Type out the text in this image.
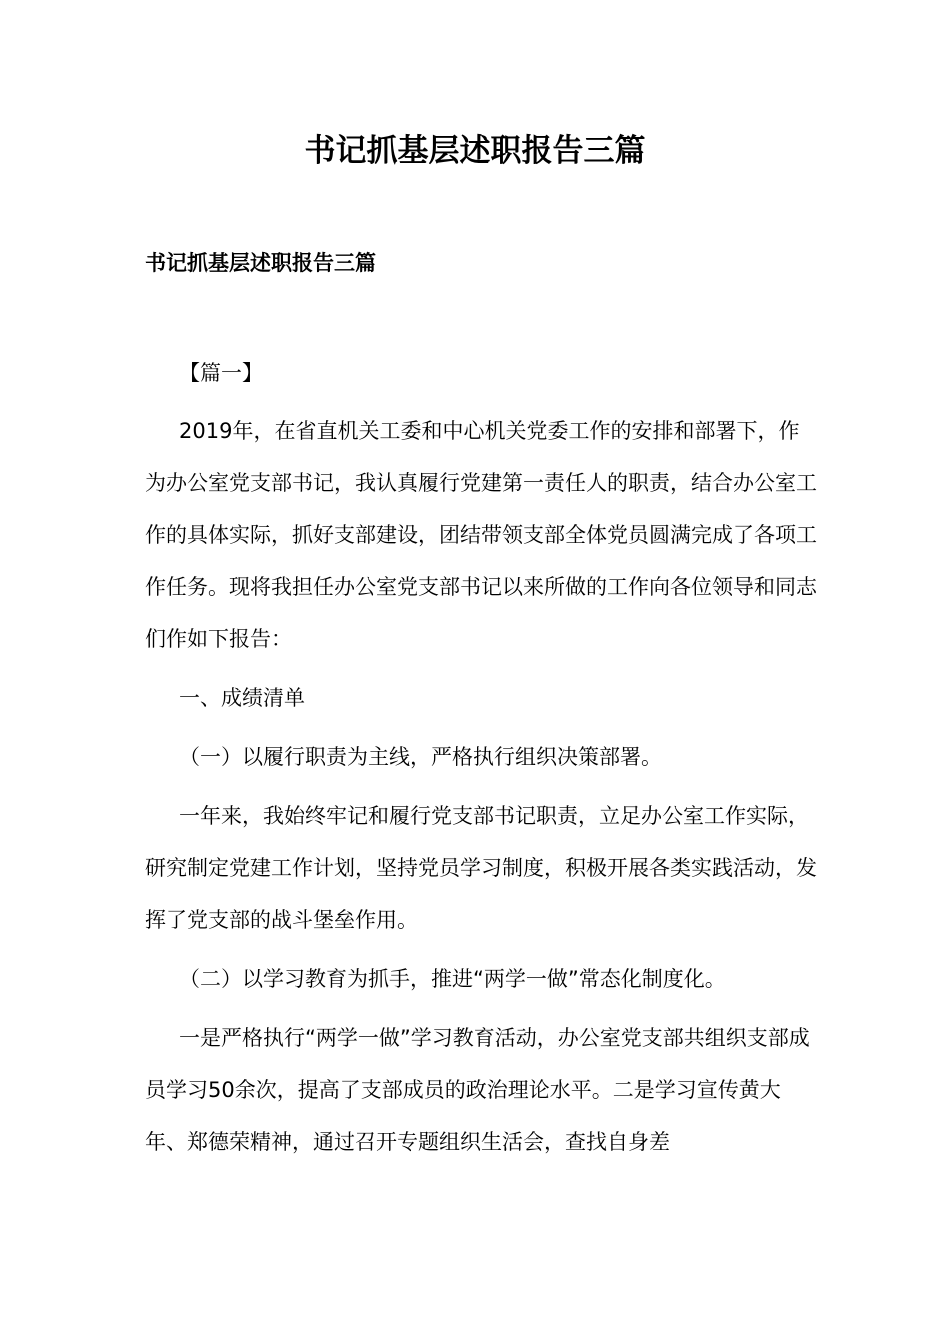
书记抓基层述职报告三篇
书记抓基层述职报告三篇

【篇一】

2019年，在省直机关工委和中心机关党委工作的安排和部署下，作为办公室党支部书记，我认真履行党建第一责任人的职责，结合办公室工作的具体实际，抓好支部建设，团结带领支部全体党员圆满完成了各项工作任务。现将我担任办公室党支部书记以来所做的工作向各位领导和同志们作如下报告：

一、成绩清单

（一）以履行职责为主线，严格执行组织决策部署。

一年来，我始终牢记和履行党支部书记职责，立足办公室工作实际，研究制定党建工作计划，坚持党员学习制度，积极开展各类实践活动，发挥了党支部的战斗堡垒作用。

（二）以学习教育为抓手，推进“两学一做”常态化制度化。

一是严格执行“两学一做”学习教育活动，办公室党支部共组织支部成员学习50余次，提高了支部成员的政治理论水平。二是学习宣传黄大年、郑德荣精神，通过召开专题组织生活会，查找自身差
